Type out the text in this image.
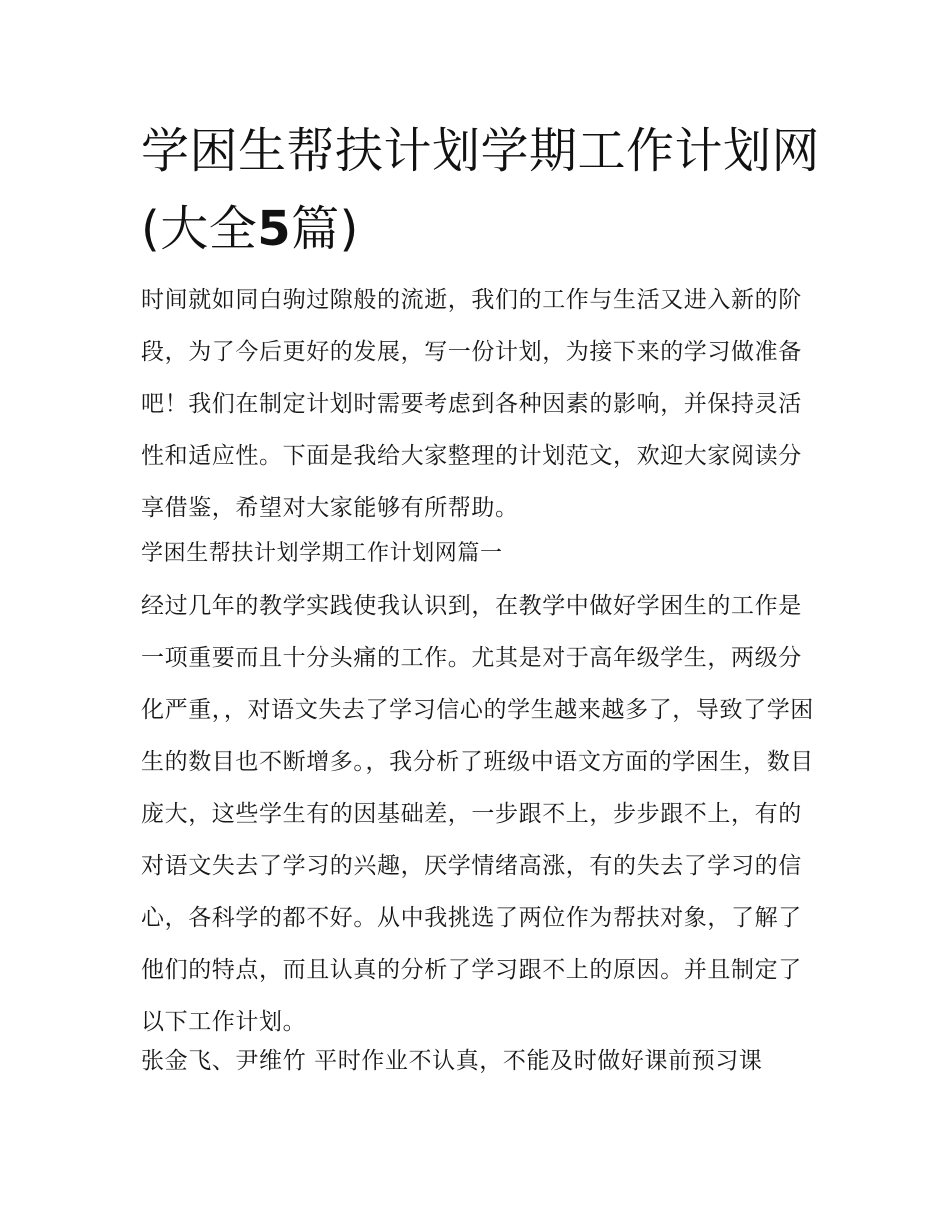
学困生帮扶计划学期工作计划网(大全5篇)

时间就如同白驹过隙般的流逝，我们的工作与生活又进入新的阶段，为了今后更好的发展，写一份计划，为接下来的学习做准备吧！我们在制定计划时需要考虑到各种因素的影响，并保持灵活性和适应性。下面是我给大家整理的计划范文，欢迎大家阅读分享借鉴，希望对大家能够有所帮助。

学困生帮扶计划学期工作计划网篇一

经过几年的教学实践使我认识到，在教学中做好学困生的工作是一项重要而且十分头痛的工作。尤其是对于高年级学生，两级分化严重，，对语文失去了学习信心的学生越来越多了，导致了学困生的数目也不断增多。，我分析了班级中语文方面的学困生，数目庞大，这些学生有的因基础差，一步跟不上，步步跟不上，有的对语文失去了学习的兴趣，厌学情绪高涨，有的失去了学习的信心，各科学的都不好。从中我挑选了两位作为帮扶对象，了解了他们的特点，而且认真的分析了学习跟不上的原因。并且制定了以下工作计划。

张金飞、尹维竹 平时作业不认真，不能及时做好课前预习课
